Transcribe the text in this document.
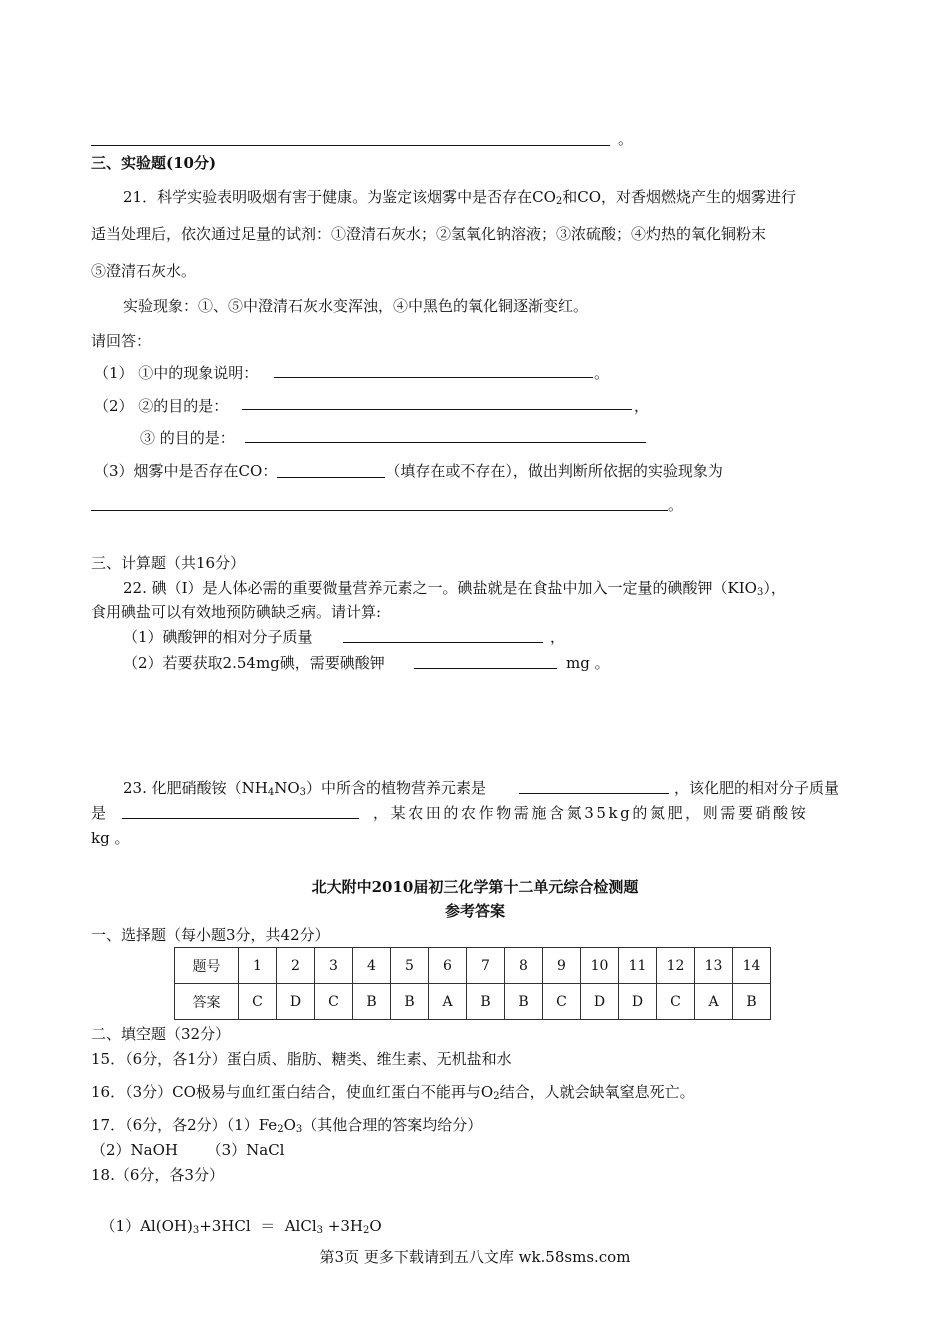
。
三、实验题(10分)
21．科学实验表明吸烟有害于健康。为鉴定该烟雾中是否存在$CO_2$和CO，对香烟燃烧产生的烟雾进行
适当处理后，依次通过足量的试剂：①澄清石灰水；②氢氧化钠溶液；③浓硫酸；④灼热的氧化铜粉末
⑤澄清石灰水。
实验现象：①、⑤中澄清石灰水变浑浊，④中黑色的氧化铜逐渐变红。
请回答：
（1） ①中的现象说明：	。
（2） ②的目的是：	，
③ 的目的是：
（3）烟雾中是否存在CO：	（填存在或不存在），做出判断所依据的实验现象为
。
三、计算题（共16分）
22. 碘（I）是人体必需的重要微量营养元素之一。碘盐就是在食盐中加入一定量的碘酸钾$(KIO_3)$，
食用碘盐可以有效地预防碘缺乏病。请计算:
（1）碘酸钾的相对分子质量	，
（2）若要获取2.54mg碘，需要碘酸钾	mg 。
23. 化肥硝酸铵$(NH_4NO_3)$中所含的植物营养元素是	，该化肥的相对分子质量
是	，某农田的农作物需施含氮35kg的氮肥，则需要硝酸铵
kg 。
北大附中2010届初三化学第十二单元综合检测题
参考答案
一、选择题（每小题3分，共42分）
题号	1	2	3	4	5	6	7	8	9	10	11	12	13	14
答案	C	D	C	B	B	A	B	B	C	D	D	C	A	B
二、填空题（32分）
15．（6分，各1分）蛋白质、脂肪、糖类、维生素、无机盐和水
16．（3分）CO极易与血红蛋白结合，使血红蛋白不能再与$O_2$结合，人就会缺氧窒息死亡。
17．（6分，各2分）$(1)Fe_2O_3$（其他合理的答案均给分）
（2）NaOH      （3）NaCl
18.（6分，各3分）

$(1)Al(OH)_3+3HCl$  ＝  AlCl$_3$ $+3H_2O$

第3页 更多下载请到五八文库 wk.58sms.com
